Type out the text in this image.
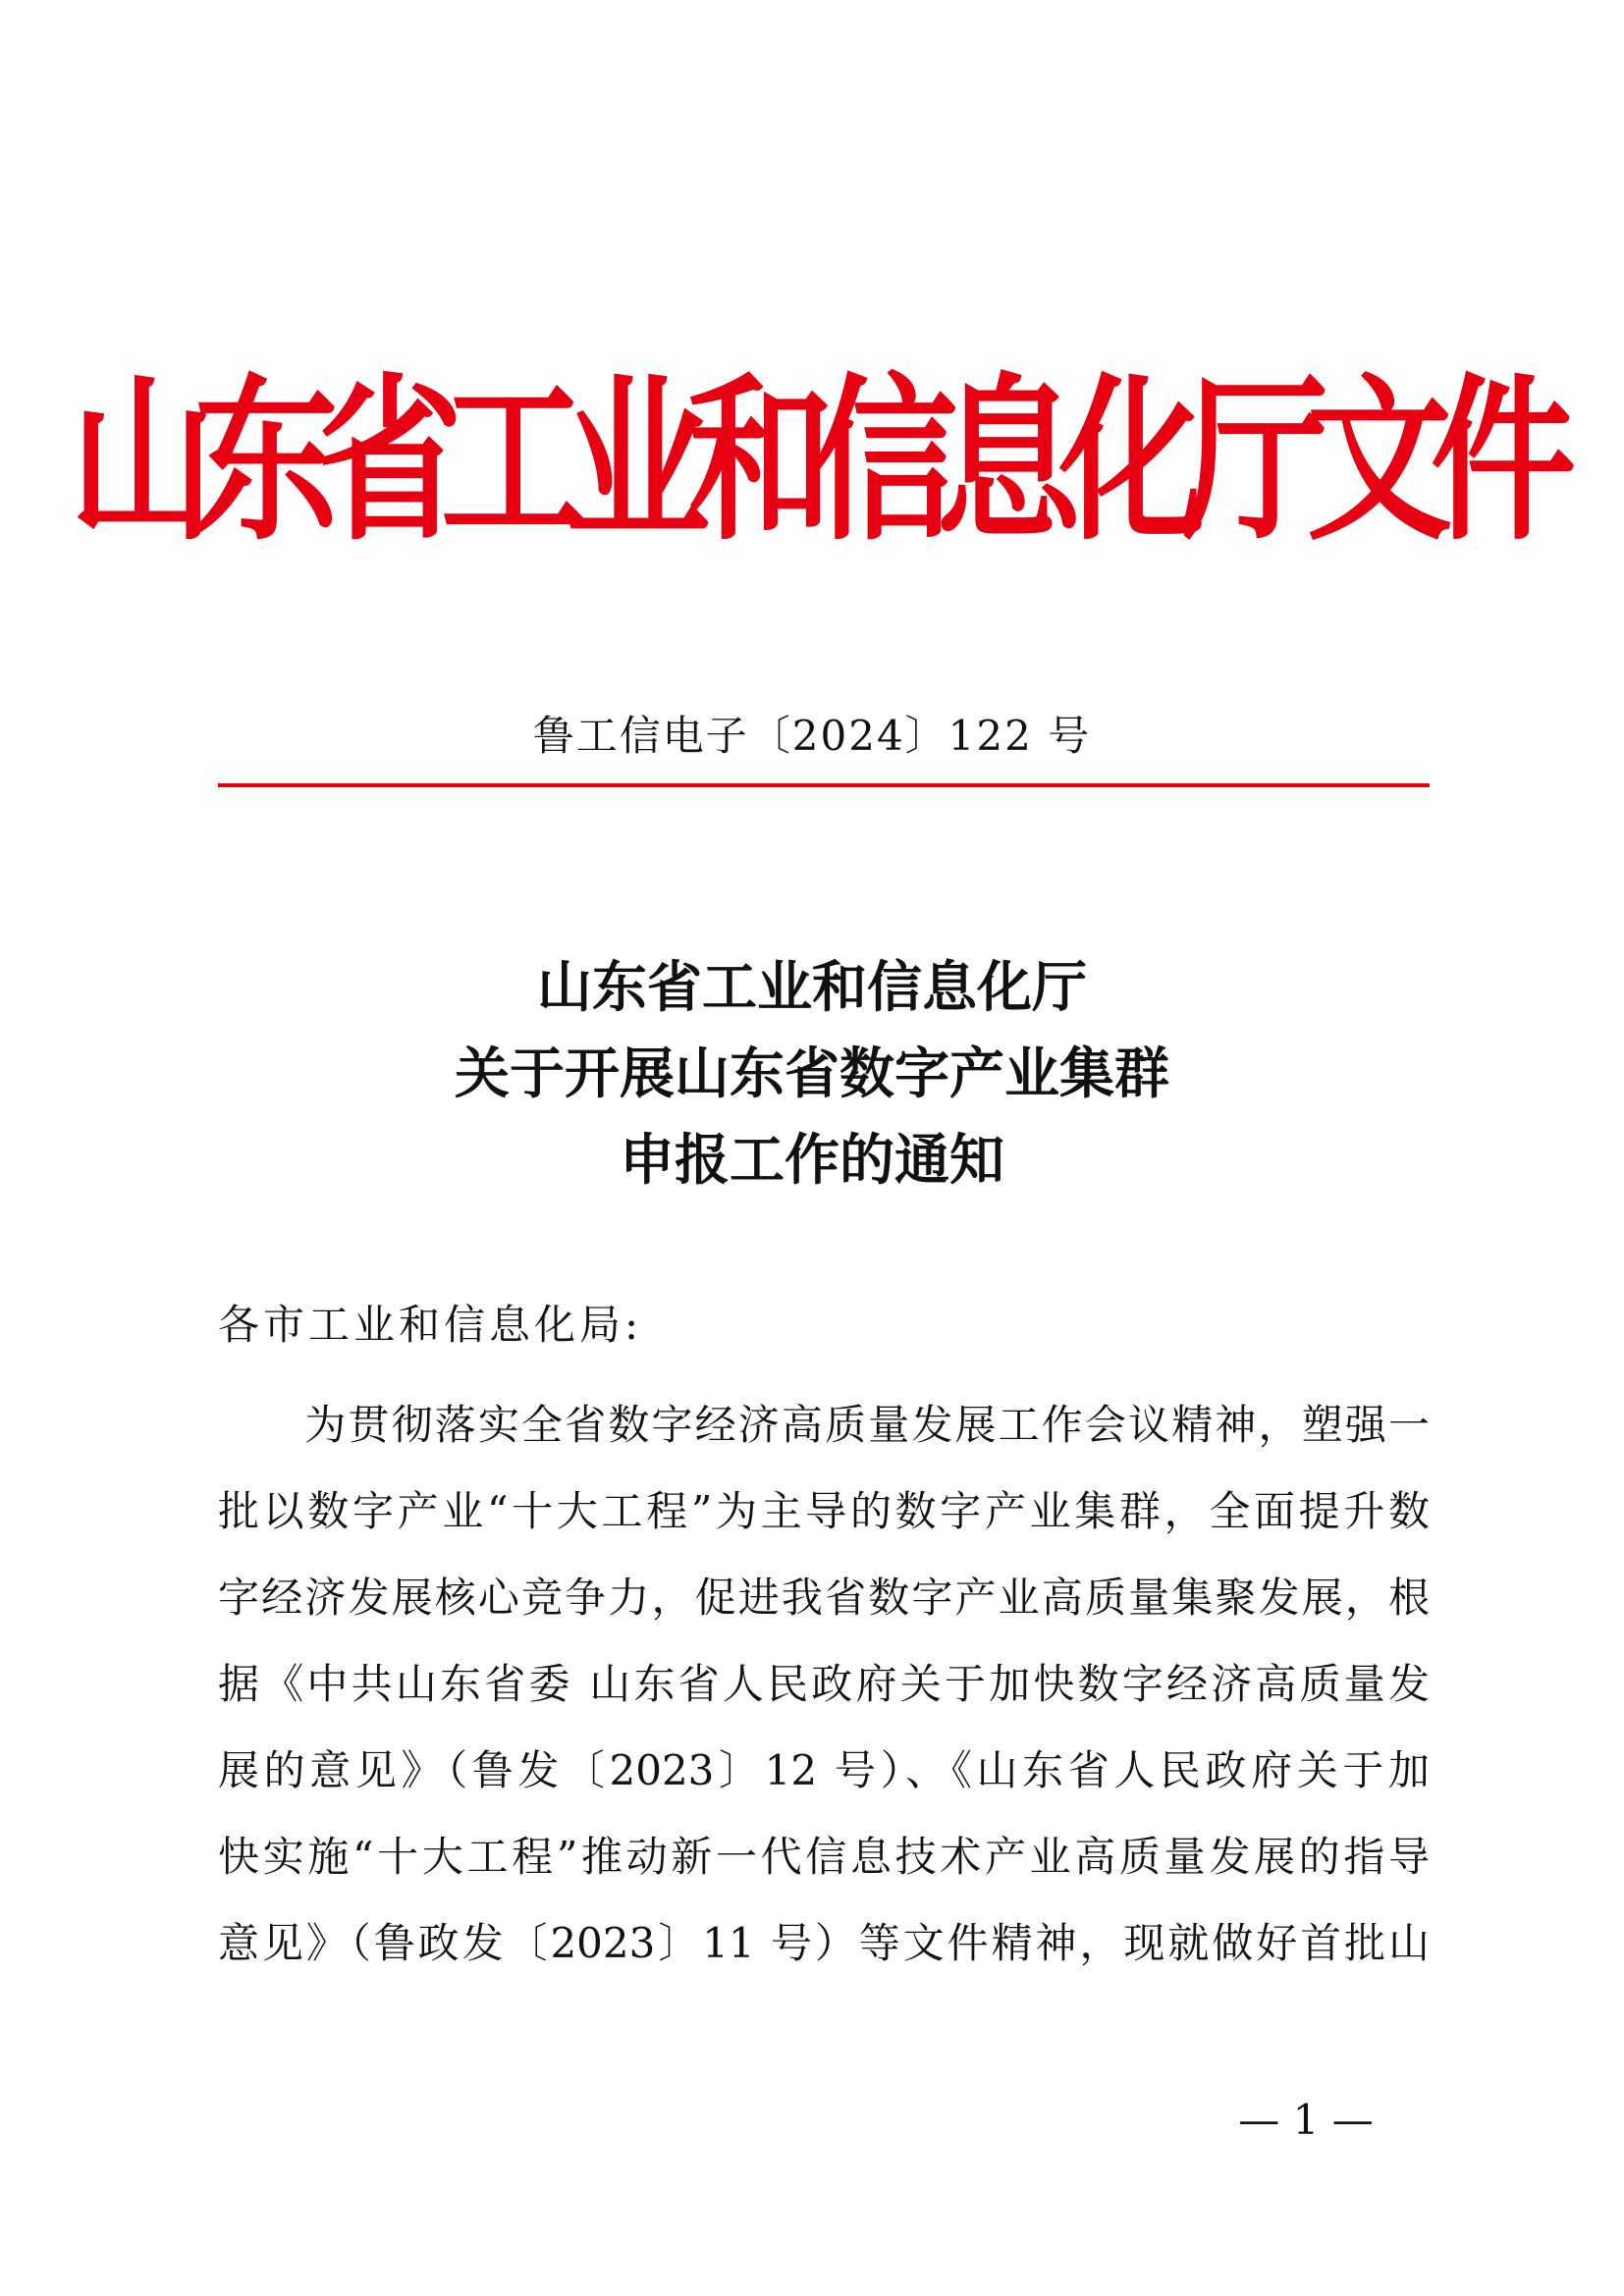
山东省工业和信息化厅文件
鲁工信电子〔2024〕122 号
山东省工业和信息化厅
关于开展山东省数字产业集群
申报工作的通知
各市工业和信息化局:
　　为贯彻落实全省数字经济高质量发展工作会议精神，塑强一
批以数字产业“十大工程”为主导的数字产业集群，全面提升数
字经济发展核心竞争力，促进我省数字产业高质量集聚发展，根
据《中共山东省委 山东省人民政府关于加快数字经济高质量发
展的意见》（鲁发〔2023〕12 号）、《山东省人民政府关于加
快实施“十大工程”推动新一代信息技术产业高质量发展的指导
意见》（鲁政发〔2023〕11 号）等文件精神，现就做好首批山
— 1 —
